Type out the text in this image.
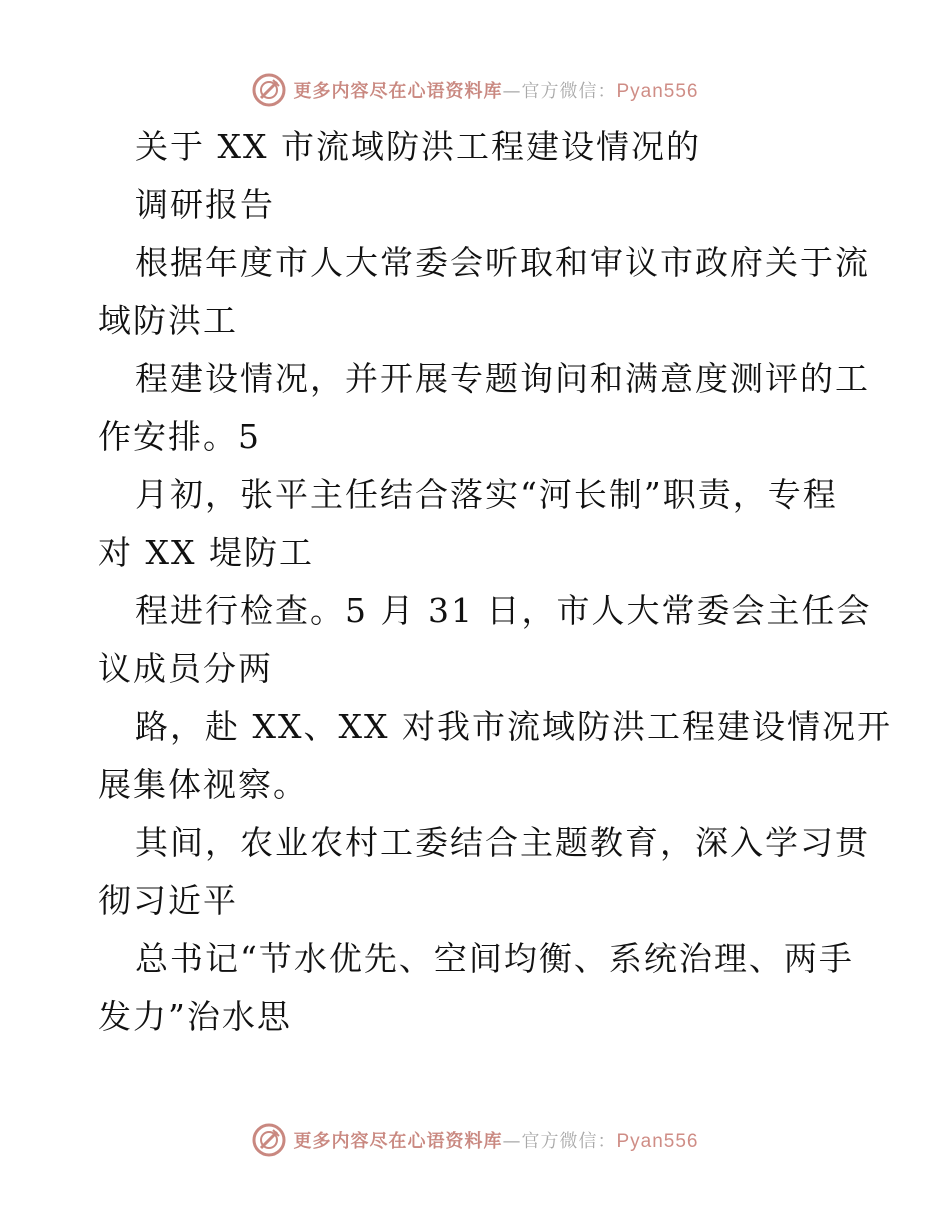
更多内容尽在心语资料库—官方微信：Pyan556
关于 XX 市流域防洪工程建设情况的
调研报告
根据年度市人大常委会听取和审议市政府关于流
域防洪工
程建设情况，并开展专题询问和满意度测评的工
作安排。5
月初，张平主任结合落实“河长制”职责，专程
对 XX 堤防工
程进行检查。5 月 31 日，市人大常委会主任会
议成员分两
路，赴 XX、XX 对我市流域防洪工程建设情况开
展集体视察。
其间，农业农村工委结合主题教育，深入学习贯
彻习近平
总书记“节水优先、空间均衡、系统治理、两手
发力”治水思
更多内容尽在心语资料库—官方微信：Pyan556
